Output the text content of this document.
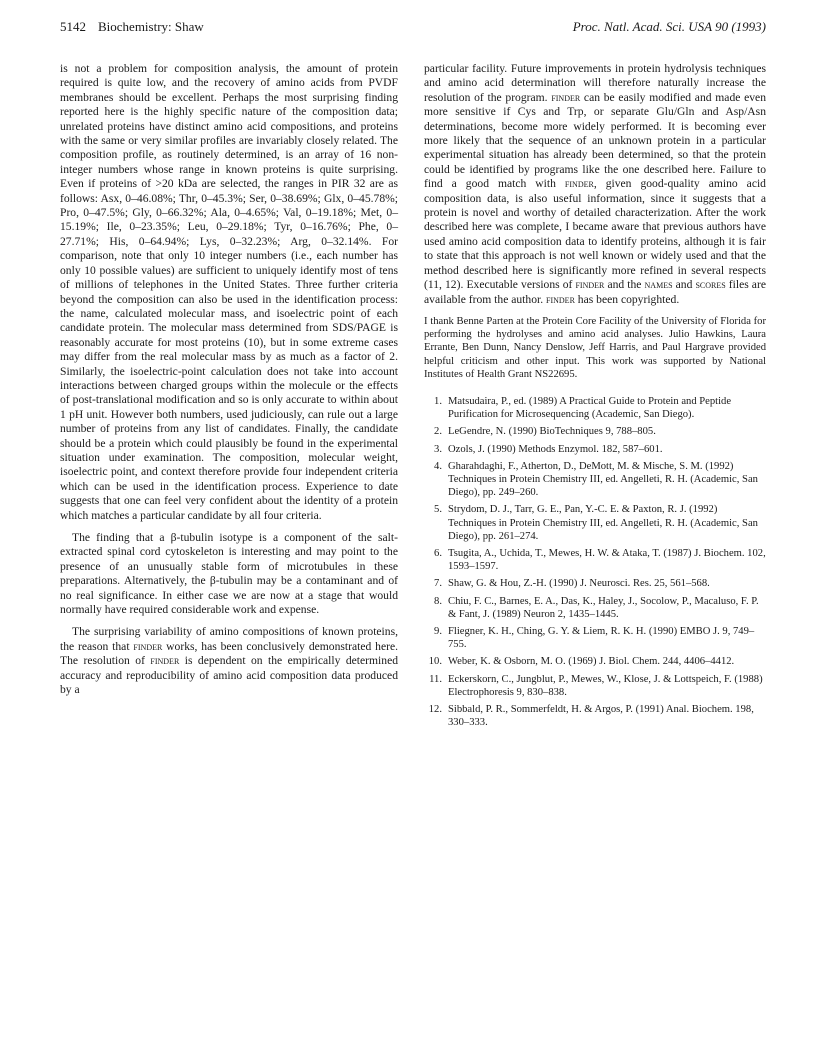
5142 Biochemistry: Shaw	Proc. Natl. Acad. Sci. USA 90 (1993)

is not a problem for composition analysis, the amount of protein required is quite low, and the recovery of amino acids from PVDF membranes should be excellent. Perhaps the most surprising finding reported here is the highly specific nature of the composition data; unrelated proteins have distinct amino acid compositions, and proteins with the same or very similar profiles are invariably closely related. The composition profile, as routinely determined, is an array of 16 non-integer numbers whose range in known proteins is quite surprising. Even if proteins of >20 kDa are selected, the ranges in PIR 32 are as follows: Asx, 0–46.08%; Thr, 0–45.3%; Ser, 0–38.69%; Glx, 0–45.78%; Pro, 0–47.5%; Gly, 0–66.32%; Ala, 0–4.65%; Val, 0–19.18%; Met, 0–15.19%; Ile, 0–23.35%; Leu, 0–29.18%; Tyr, 0–16.76%; Phe, 0–27.71%; His, 0–64.94%; Lys, 0–32.23%; Arg, 0–32.14%. For comparison, note that only 10 integer numbers (i.e., each number has only 10 possible values) are sufficient to uniquely identify most of tens of millions of telephones in the United States. Three further criteria beyond the composition can also be used in the identification process: the name, calculated molecular mass, and isoelectric point of each candidate protein. The molecular mass determined from SDS/PAGE is reasonably accurate for most proteins (10), but in some extreme cases may differ from the real molecular mass by as much as a factor of 2. Similarly, the isoelectric-point calculation does not take into account interactions between charged groups within the molecule or the effects of post-translational modification and so is only accurate to within about 1 pH unit. However both numbers, used judiciously, can rule out a large number of proteins from any list of candidates. Finally, the candidate should be a protein which could plausibly be found in the experimental situation under examination. The composition, molecular weight, isoelectric point, and context therefore provide four independent criteria which can be used in the identification process. Experience to date suggests that one can feel very confident about the identity of a protein which matches a particular candidate by all four criteria.

The finding that a β-tubulin isotype is a component of the salt-extracted spinal cord cytoskeleton is interesting and may point to the presence of an unusually stable form of microtubules in these preparations. Alternatively, the β-tubulin may be a contaminant and of no real significance. In either case we are now at a stage that would normally have required considerable work and expense.

The surprising variability of amino compositions of known proteins, the reason that finder works, has been conclusively demonstrated here. The resolution of finder is dependent on the empirically determined accuracy and reproducibility of amino acid composition data produced by a

particular facility. Future improvements in protein hydrolysis techniques and amino acid determination will therefore naturally increase the resolution of the program. finder can be easily modified and made even more sensitive if Cys and Trp, or separate Glu/Gln and Asp/Asn determinations, become more widely performed. It is becoming ever more likely that the sequence of an unknown protein in a particular experimental situation has already been determined, so that the protein could be identified by programs like the one described here. Failure to find a good match with finder, given good-quality amino acid composition data, is also useful information, since it suggests that a protein is novel and worthy of detailed characterization. After the work described here was complete, I became aware that previous authors have used amino acid composition data to identify proteins, although it is fair to state that this approach is not well known or widely used and that the method described here is significantly more refined in several respects (11, 12). Executable versions of finder and the names and scores files are available from the author. finder has been copyrighted.

I thank Benne Parten at the Protein Core Facility of the University of Florida for performing the hydrolyses and amino acid analyses. Julio Hawkins, Laura Errante, Ben Dunn, Nancy Denslow, Jeff Harris, and Paul Hargrave provided helpful criticism and other input. This work was supported by National Institutes of Health Grant NS22695.

1. Matsudaira, P., ed. (1989) A Practical Guide to Protein and Peptide Purification for Microsequencing (Academic, San Diego).
2. LeGendre, N. (1990) BioTechniques 9, 788–805.
3. Ozols, J. (1990) Methods Enzymol. 182, 587–601.
4. Gharahdaghi, F., Atherton, D., DeMott, M. & Mische, S. M. (1992) Techniques in Protein Chemistry III, ed. Angelleti, R. H. (Academic, San Diego), pp. 249–260.
5. Strydom, D. J., Tarr, G. E., Pan, Y.-C. E. & Paxton, R. J. (1992) Techniques in Protein Chemistry III, ed. Angelleti, R. H. (Academic, San Diego), pp. 261–274.
6. Tsugita, A., Uchida, T., Mewes, H. W. & Ataka, T. (1987) J. Biochem. 102, 1593–1597.
7. Shaw, G. & Hou, Z.-H. (1990) J. Neurosci. Res. 25, 561–568.
8. Chiu, F. C., Barnes, E. A., Das, K., Haley, J., Socolow, P., Macaluso, F. P. & Fant, J. (1989) Neuron 2, 1435–1445.
9. Fliegner, K. H., Ching, G. Y. & Liem, R. K. H. (1990) EMBO J. 9, 749–755.
10. Weber, K. & Osborn, M. O. (1969) J. Biol. Chem. 244, 4406–4412.
11. Eckerskorn, C., Jungblut, P., Mewes, W., Klose, J. & Lottspeich, F. (1988) Electrophoresis 9, 830–838.
12. Sibbald, P. R., Sommerfeldt, H. & Argos, P. (1991) Anal. Biochem. 198, 330–333.
